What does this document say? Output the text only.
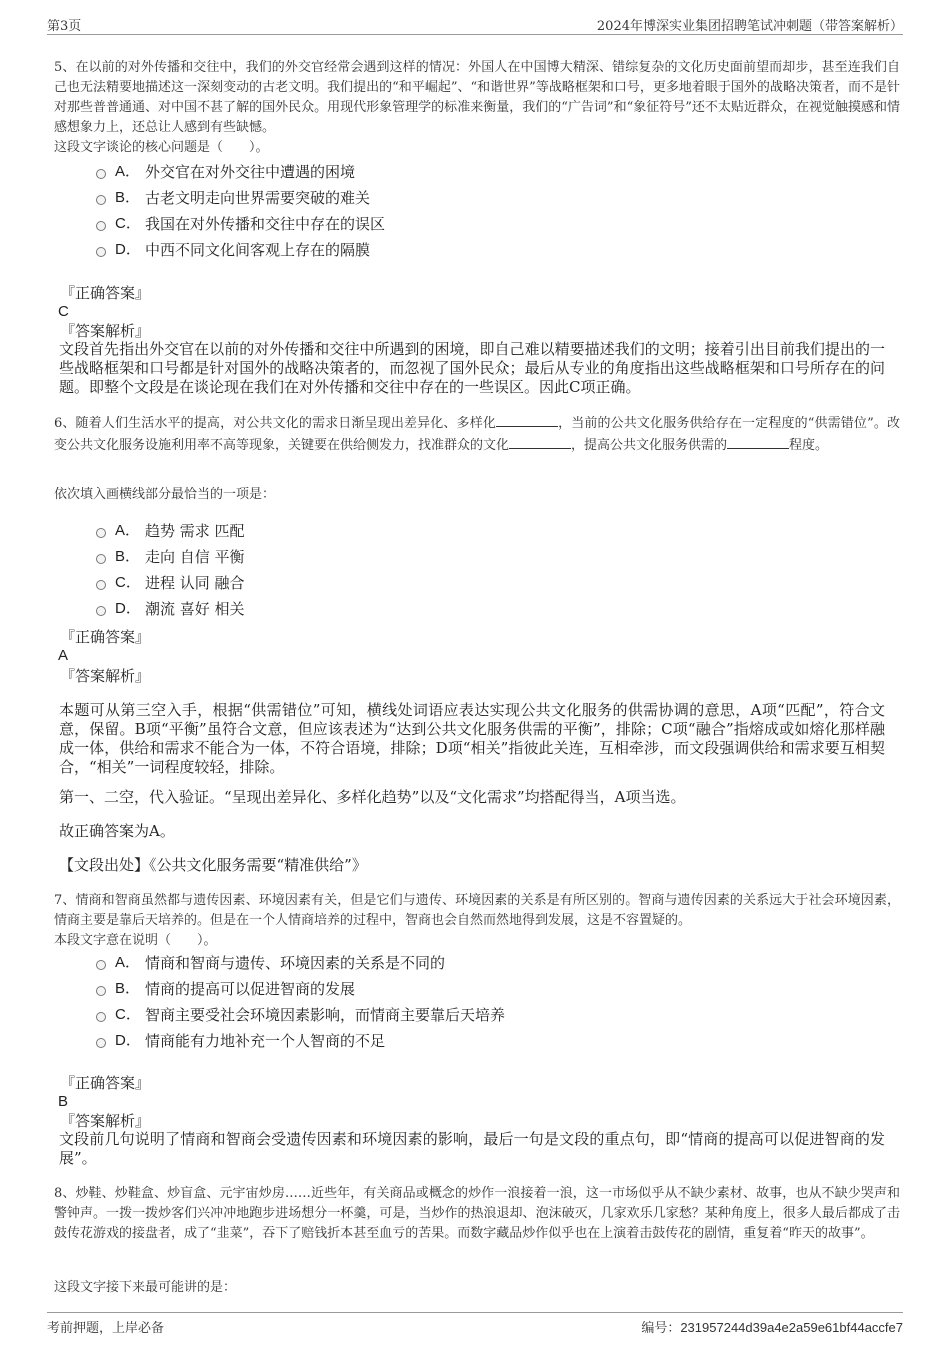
第3页	2024年博深实业集团招聘笔试冲刺题（带答案解析）
5、在以前的对外传播和交往中，我们的外交官经常会遇到这样的情况：外国人在中国博大精深、错综复杂的文化历史面前望而却步，甚至连我们自己也无法精要地描述这一深刻变动的古老文明。我们提出的“和平崛起”、“和谐世界”等战略框架和口号，更多地着眼于国外的战略决策者，而不是针对那些普普通通、对中国不甚了解的国外民众。用现代形象管理学的标准来衡量，我们的“广告词”和“象征符号”还不太贴近群众，在视觉触摸感和情感想象力上，还总让人感到有些缺憾。
这段文字谈论的核心问题是（　　）。
A． 外交官在对外交往中遭遇的困境
B． 古老文明走向世界需要突破的难关
C． 我国在对外传播和交往中存在的误区
D． 中西不同文化间客观上存在的隔膜
『正确答案』
C
『答案解析』
文段首先指出外交官在以前的对外传播和交往中所遇到的困境，即自己难以精要描述我们的文明；接着引出目前我们提出的一些战略框架和口号都是针对国外的战略决策者的，而忽视了国外民众；最后从专业的角度指出这些战略框架和口号所存在的问题。即整个文段是在谈论现在我们在对外传播和交往中存在的一些误区。因此C项正确。
6、随着人们生活水平的提高，对公共文化的需求日渐呈现出差异化、多样化	，当前的公共文化服务供给存在一定程度的“供需错位”。改变公共文化服务设施利用率不高等现象，关键要在供给侧发力，找准群众的文化	，提高公共文化服务供需的	程度。
依次填入画横线部分最恰当的一项是：
A． 趋势 需求 匹配
B． 走向 自信 平衡
C． 进程 认同 融合
D． 潮流 喜好 相关
『正确答案』
A
『答案解析』
本题可从第三空入手，根据“供需错位”可知，横线处词语应表达实现公共文化服务的供需协调的意思，A项“匹配”，符合文意，保留。B项“平衡”虽符合文意，但应该表述为“达到公共文化服务供需的平衡”，排除；C项“融合”指熔成或如熔化那样融成一体，供给和需求不能合为一体，不符合语境，排除；D项“相关”指彼此关连，互相牵涉，而文段强调供给和需求要互相契合，“相关”一词程度较轻，排除。
第一、二空，代入验证。“呈现出差异化、多样化趋势”以及“文化需求”均搭配得当，A项当选。
故正确答案为A。
【文段出处】《公共文化服务需要“精准供给”》
7、情商和智商虽然都与遗传因素、环境因素有关，但是它们与遗传、环境因素的关系是有所区别的。智商与遗传因素的关系远大于社会环境因素，情商主要是靠后天培养的。但是在一个人情商培养的过程中，智商也会自然而然地得到发展，这是不容置疑的。
本段文字意在说明（　　）。
A． 情商和智商与遗传、环境因素的关系是不同的
B． 情商的提高可以促进智商的发展
C． 智商主要受社会环境因素影响，而情商主要靠后天培养
D． 情商能有力地补充一个人智商的不足
『正确答案』
B
『答案解析』
文段前几句说明了情商和智商会受遗传因素和环境因素的影响，最后一句是文段的重点句，即“情商的提高可以促进智商的发展”。
8、炒鞋、炒鞋盒、炒盲盒、元宇宙炒房……近些年，有关商品或概念的炒作一浪接着一浪，这一市场似乎从不缺少素材、故事，也从不缺少哭声和警钟声。一拨一拨炒客们兴冲冲地跑步进场想分一杯羹，可是，当炒作的热浪退却、泡沫破灭，几家欢乐几家愁？某种角度上，很多人最后都成了击鼓传花游戏的接盘者，成了“韭菜”，吞下了赔钱折本甚至血亏的苦果。而数字藏品炒作似乎也在上演着击鼓传花的剧情，重复着“昨天的故事”。
这段文字接下来最可能讲的是：
考前押题，上岸必备	编号：231957244d39a4e2a59e61bf44accfe7
